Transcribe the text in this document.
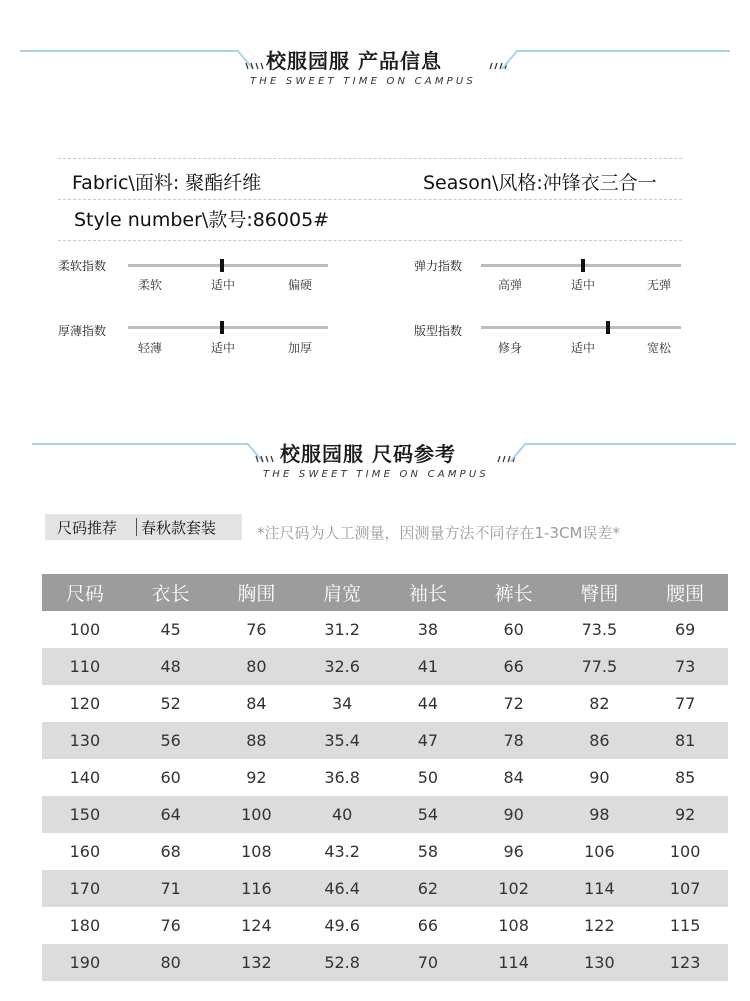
校服园服 产品信息
THE SWEET TIME ON CAMPUS
Fabric\面料: 聚酯纤维	Season\风格:冲锋衣三合一
Style number\款号:86005#
柔软指数
柔软	适中	偏硬
弹力指数
高弹	适中	无弹
厚薄指数
轻薄	适中	加厚
版型指数
修身	适中	宽松
校服园服 尺码参考
THE SWEET TIME ON CAMPUS
尺码推荐 春秋款套装	*注尺码为人工测量，因测量方法不同存在1-3CM误差*
尺码	衣长	胸围	肩宽	袖长	裤长	臀围	腰围
100	45	76	31.2	38	60	73.5	69
110	48	80	32.6	41	66	77.5	73
120	52	84	34	44	72	82	77
130	56	88	35.4	47	78	86	81
140	60	92	36.8	50	84	90	85
150	64	100	40	54	90	98	92
160	68	108	43.2	58	96	106	100
170	71	116	46.4	62	102	114	107
180	76	124	49.6	66	108	122	115
190	80	132	52.8	70	114	130	123
